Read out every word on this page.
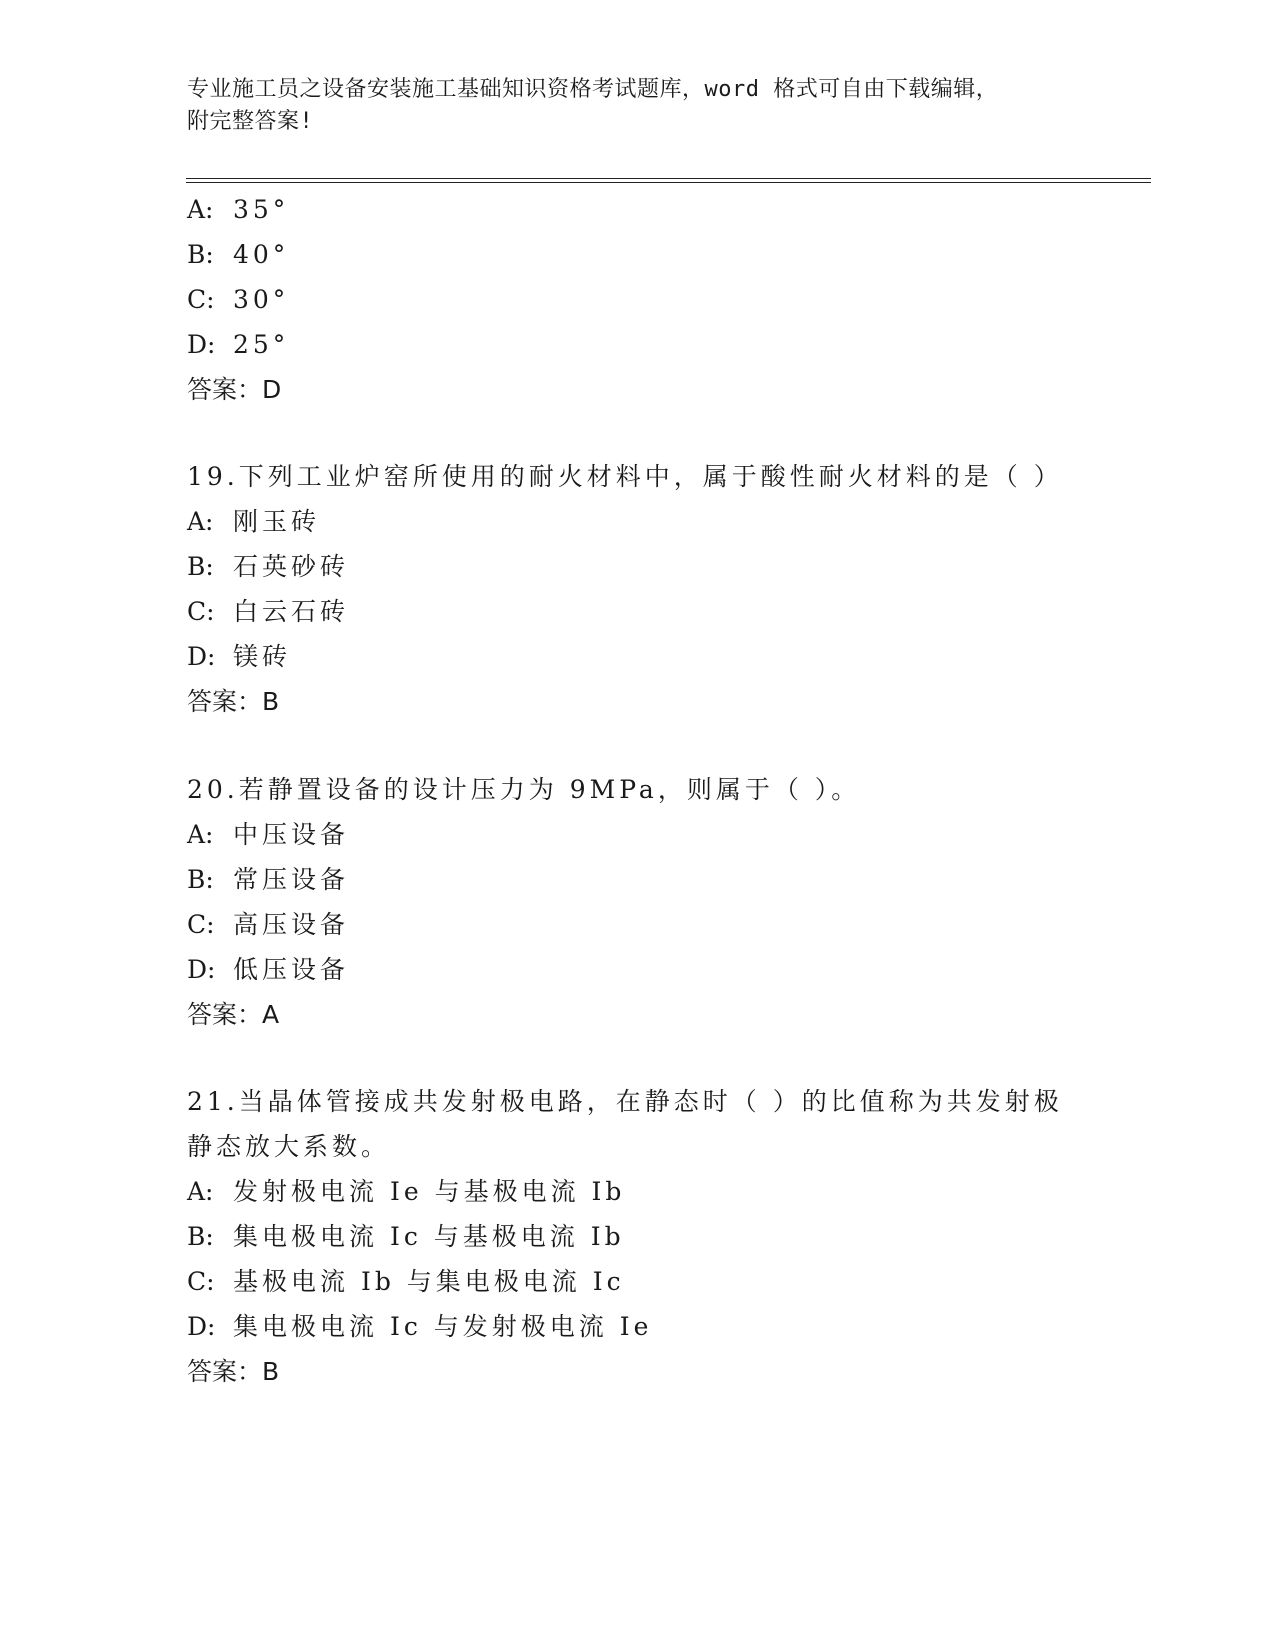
专业施工员之设备安装施工基础知识资格考试题库，word 格式可自由下载编辑，
附完整答案!
A: 35°
B: 40°
C: 30°
D: 25°
答案：D
19.下列工业炉窑所使用的耐火材料中，属于酸性耐火材料的是（ ）
A: 刚玉砖
B: 石英砂砖
C: 白云石砖
D: 镁砖
答案：B
20.若静置设备的设计压力为 9MPa，则属于（ ）。
A: 中压设备
B: 常压设备
C: 高压设备
D: 低压设备
答案：A
21.当晶体管接成共发射极电路，在静态时（ ）的比值称为共发射极
静态放大系数。
A: 发射极电流 Ie 与基极电流 Ib
B: 集电极电流 Ic 与基极电流 Ib
C: 基极电流 Ib 与集电极电流 Ic
D: 集电极电流 Ic 与发射极电流 Ie
答案：B
